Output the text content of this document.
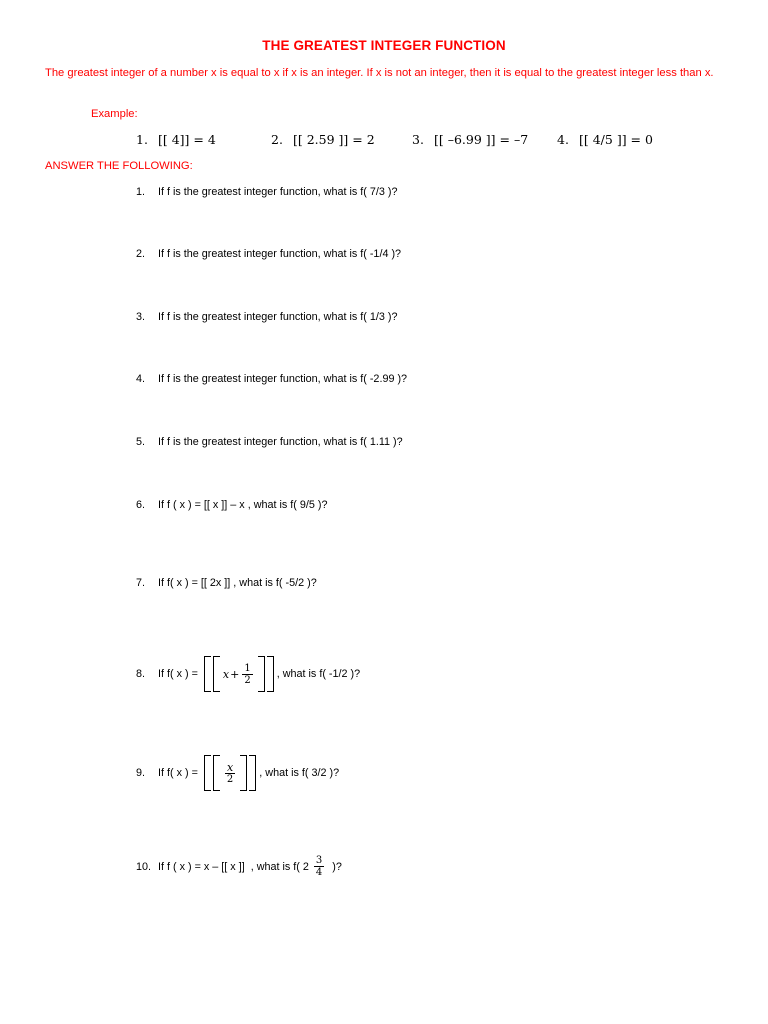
THE GREATEST INTEGER FUNCTION
The greatest integer of a number x is equal to x if x is an integer. If x is not an integer, then it is equal to the greatest integer less than x.
Example:
1. [[ 4]] = 4	2. [[ 2.59 ]] = 2	3. [[ –6.99 ]] = –7 4. [[ 4/5 ]] = 0
ANSWER THE FOLLOWING:
1.	If f is the greatest integer function, what is f( 7/3 )?
2.	If f is the greatest integer function, what is f( -1/4 )?
3.	If f is the greatest integer function, what is f( 1/3 )?
4.	If f is the greatest integer function, what is f( -2.99 )?
5.	If f is the greatest integer function, what is f( 1.11 )?
6.	If f ( x ) = [[ x ]] – x , what is f( 9/5 )?
7.	If f( x ) = [[ 2x ]] , what is f( -5/2 )?
8.	If f( x ) = $x + \frac{1}{2}$ , what is f( -1/2 )?
9.	If f( x ) = $\frac{x}{2}$ , what is f( 3/2 )?
10. If f ( x ) = x – [[ x ]]  , what is f( $2 \frac{3}{4}$ )?
